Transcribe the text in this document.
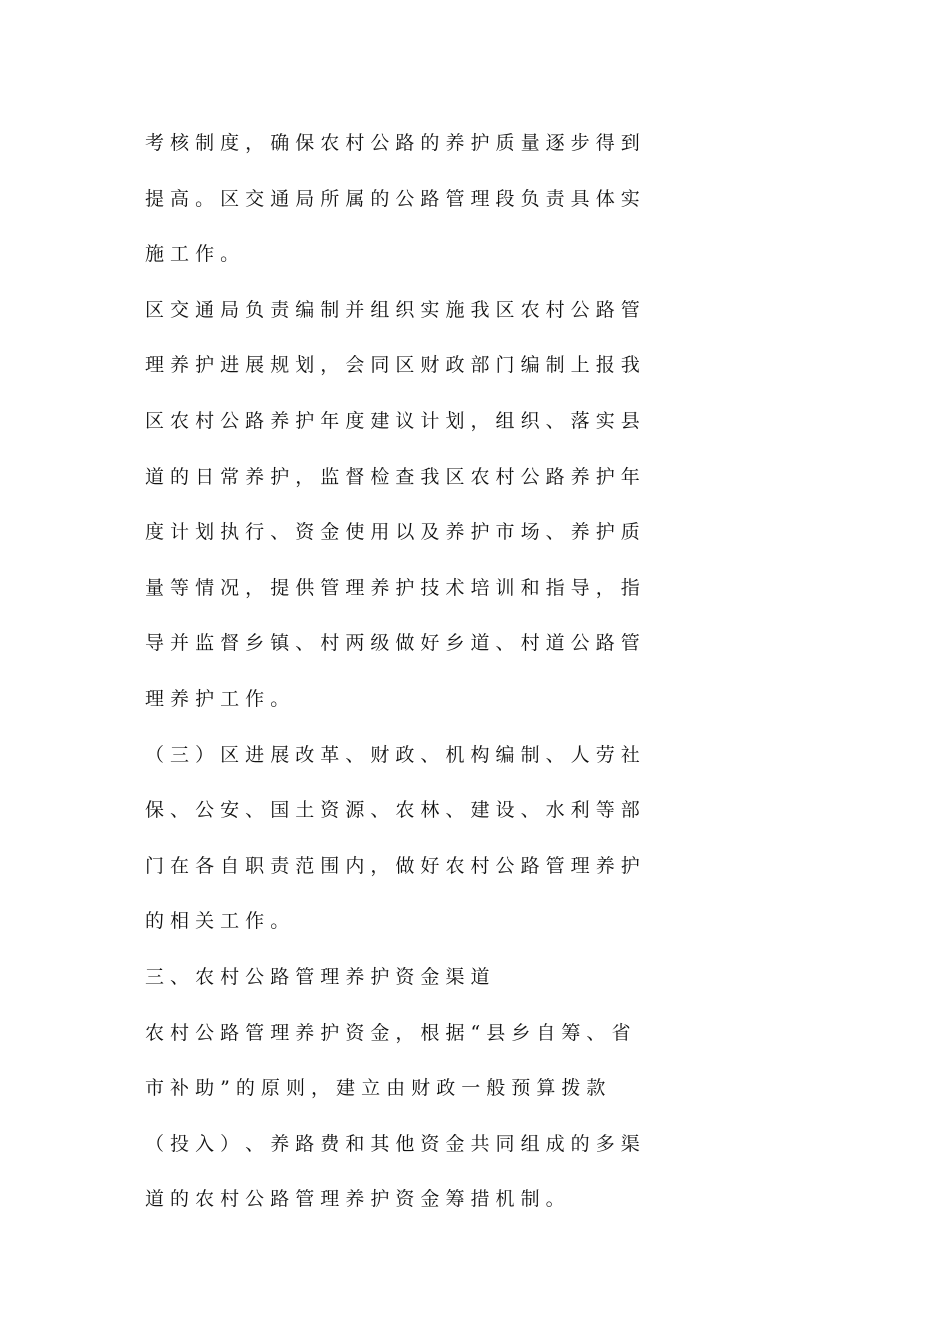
考 核 制 度 ， 确 保 农 村 公 路 的 养 护 质 量 逐 步 得 到
提 高 。 区 交 通 局 所 属 的 公 路 管 理 段 负 责 具 体 实
施 工 作 。
区 交 通 局 负 责 编 制 并 组 织 实 施 我 区 农 村 公 路 管
理 养 护 进 展 规 划 ， 会 同 区 财 政 部 门 编 制 上 报 我
区 农 村 公 路 养 护 年 度 建 议 计 划 ， 组 织 、 落 实 县
道 的 日 常 养 护 ， 监 督 检 查 我 区 农 村 公 路 养 护 年
度 计 划 执 行 、 资 金 使 用 以 及 养 护 市 场 、 养 护 质
量 等 情 况 ， 提 供 管 理 养 护 技 术 培 训 和 指 导 ， 指
导 并 监 督 乡 镇 、 村 两 级 做 好 乡 道 、 村 道 公 路 管
理 养 护 工 作 。
（ 三 ） 区 进 展 改 革 、 财 政 、 机 构 编 制 、 人 劳 社
保 、 公 安 、 国 土 资 源 、 农 林 、 建 设 、 水 利 等 部
门 在 各 自 职 责 范 围 内 ， 做 好 农 村 公 路 管 理 养 护
的 相 关 工 作 。
三 、 农 村 公 路 管 理 养 护 资 金 渠 道
农 村 公 路 管 理 养 护 资 金 ， 根 据 “ 县 乡 自 筹 、 省
市 补 助 ” 的 原 则 ， 建 立 由 财 政 一 般 预 算 拨 款
（ 投 入 ） 、 养 路 费 和 其 他 资 金 共 同 组 成 的 多 渠
道 的 农 村 公 路 管 理 养 护 资 金 筹 措 机 制 。
